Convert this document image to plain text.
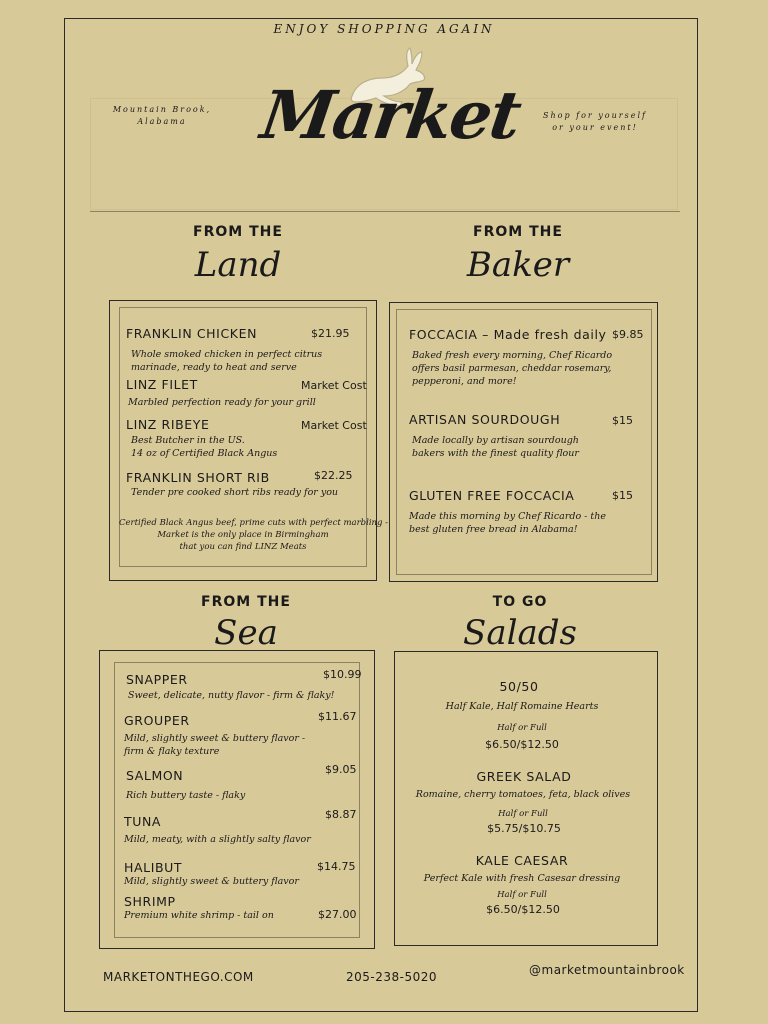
ENJOY SHOPPING AGAIN
Mountain Brook,
Alabama
Shop for yourself
or your event!
Market
FROM THE
Land
FRANKLIN CHICKEN	$21.95
Whole smoked chicken in perfect citrus
marinade, ready to heat and serve
LINZ FILET	Market Cost
Marbled perfection ready for your grill
LINZ RIBEYE	Market Cost
Best Butcher in the US.
14 oz of Certified Black Angus
FRANKLIN SHORT RIB	$22.25
Tender pre cooked short ribs ready for you
Certified Black Angus beef, prime cuts with perfect marbling -
Market is the only place in Birmingham
that you can find LINZ Meats
FROM THE
Baker
FOCCACIA – Made fresh daily $9.85
Baked fresh every morning, Chef Ricardo
offers basil parmesan, cheddar rosemary,
pepperoni, and more!
ARTISAN SOURDOUGH	$15
Made locally by artisan sourdough
bakers with the finest quality flour
GLUTEN FREE FOCCACIA	$15
Made this morning by Chef Ricardo - the
best gluten free bread in Alabama!
FROM THE
Sea
SNAPPER	$10.99
Sweet, delicate, nutty flavor - firm & flaky!
GROUPER	$11.67
Mild, slightly sweet & buttery flavor -
firm & flaky texture
SALMON	$9.05
Rich buttery taste - flaky
TUNA	$8.87
Mild, meaty, with a slightly salty flavor
HALIBUT	$14.75
Mild, slightly sweet & buttery flavor
SHRIMP
$27.00
Premium white shrimp - tail on
TO GO
Salads
50/50
Half Kale, Half Romaine Hearts
Half or Full
$6.50/$12.50
GREEK SALAD
Romaine, cherry tomatoes, feta, black olives
Half or Full
$5.75/$10.75
KALE CAESAR
Perfect Kale with fresh Casesar dressing
Half or Full
$6.50/$12.50
MARKETONTHEGO.COM	205-238-5020	@marketmountainbrook
